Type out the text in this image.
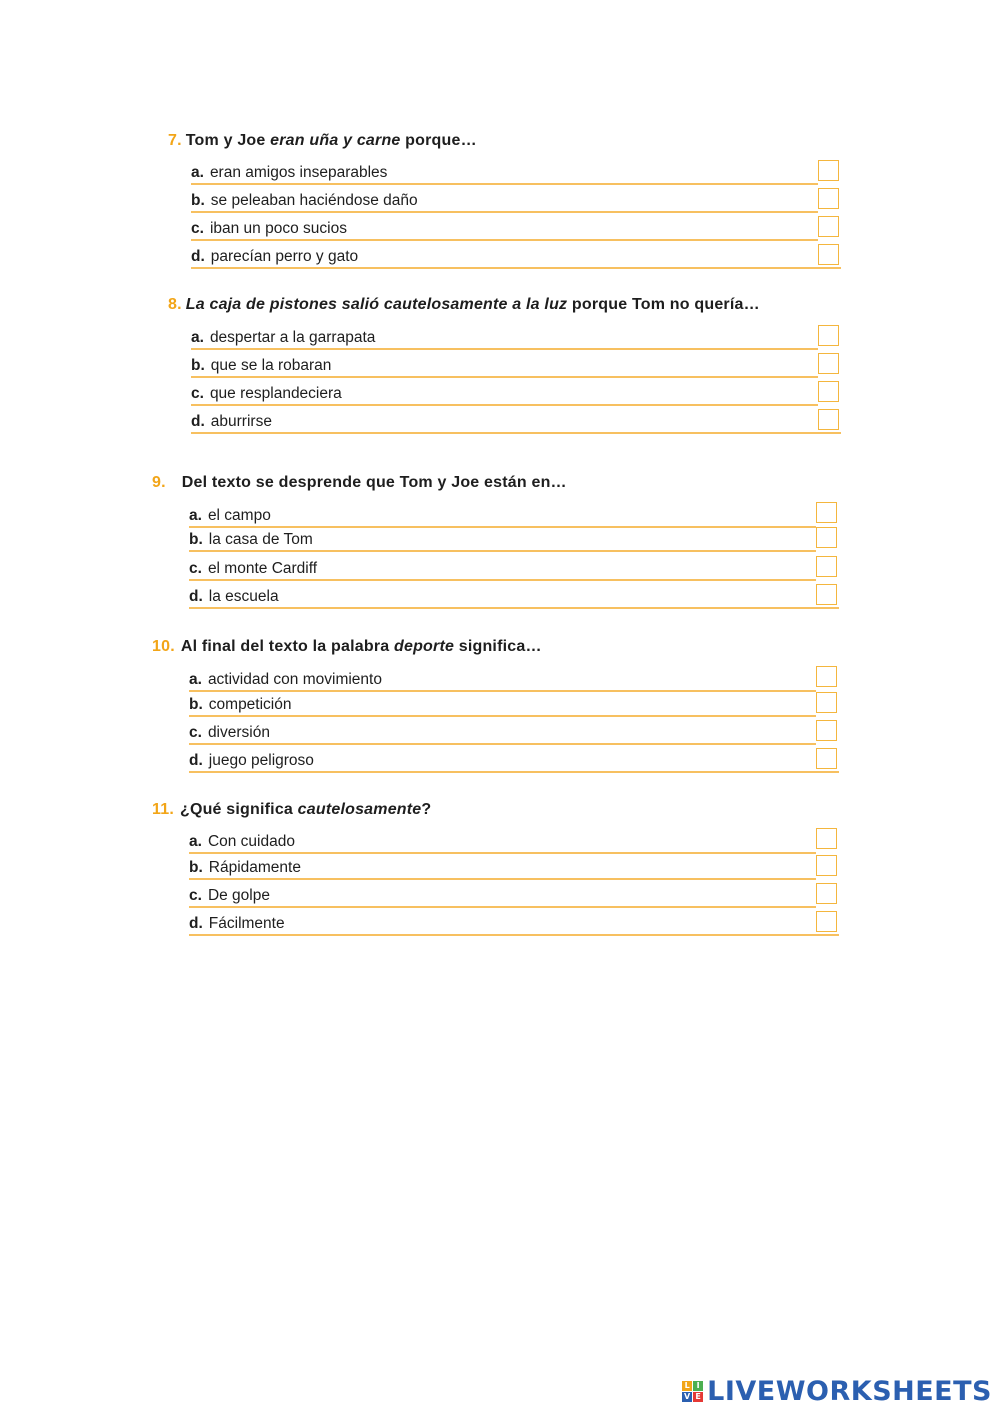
7. Tom y Joe eran uña y carne porque…
a. eran amigos inseparables
b. se peleaban haciéndose daño
c. iban un poco sucios
d. parecían perro y gato
8. La caja de pistones salió cautelosamente a la luz porque Tom no quería…
a. despertar a la garrapata
b. que se la robaran
c. que resplandeciera
d. aburrirse
9. Del texto se desprende que Tom y Joe están en…
a. el campo
b. la casa de Tom
c. el monte Cardiff
d. la escuela
10. Al final del texto la palabra deporte significa…
a. actividad con movimiento
b. competición
c. diversión
d. juego peligroso
11. ¿Qué significa cautelosamente?
a. Con cuidado
b. Rápidamente
c. De golpe
d. Fácilmente
L I
V E LIVEWORKSHEETS
